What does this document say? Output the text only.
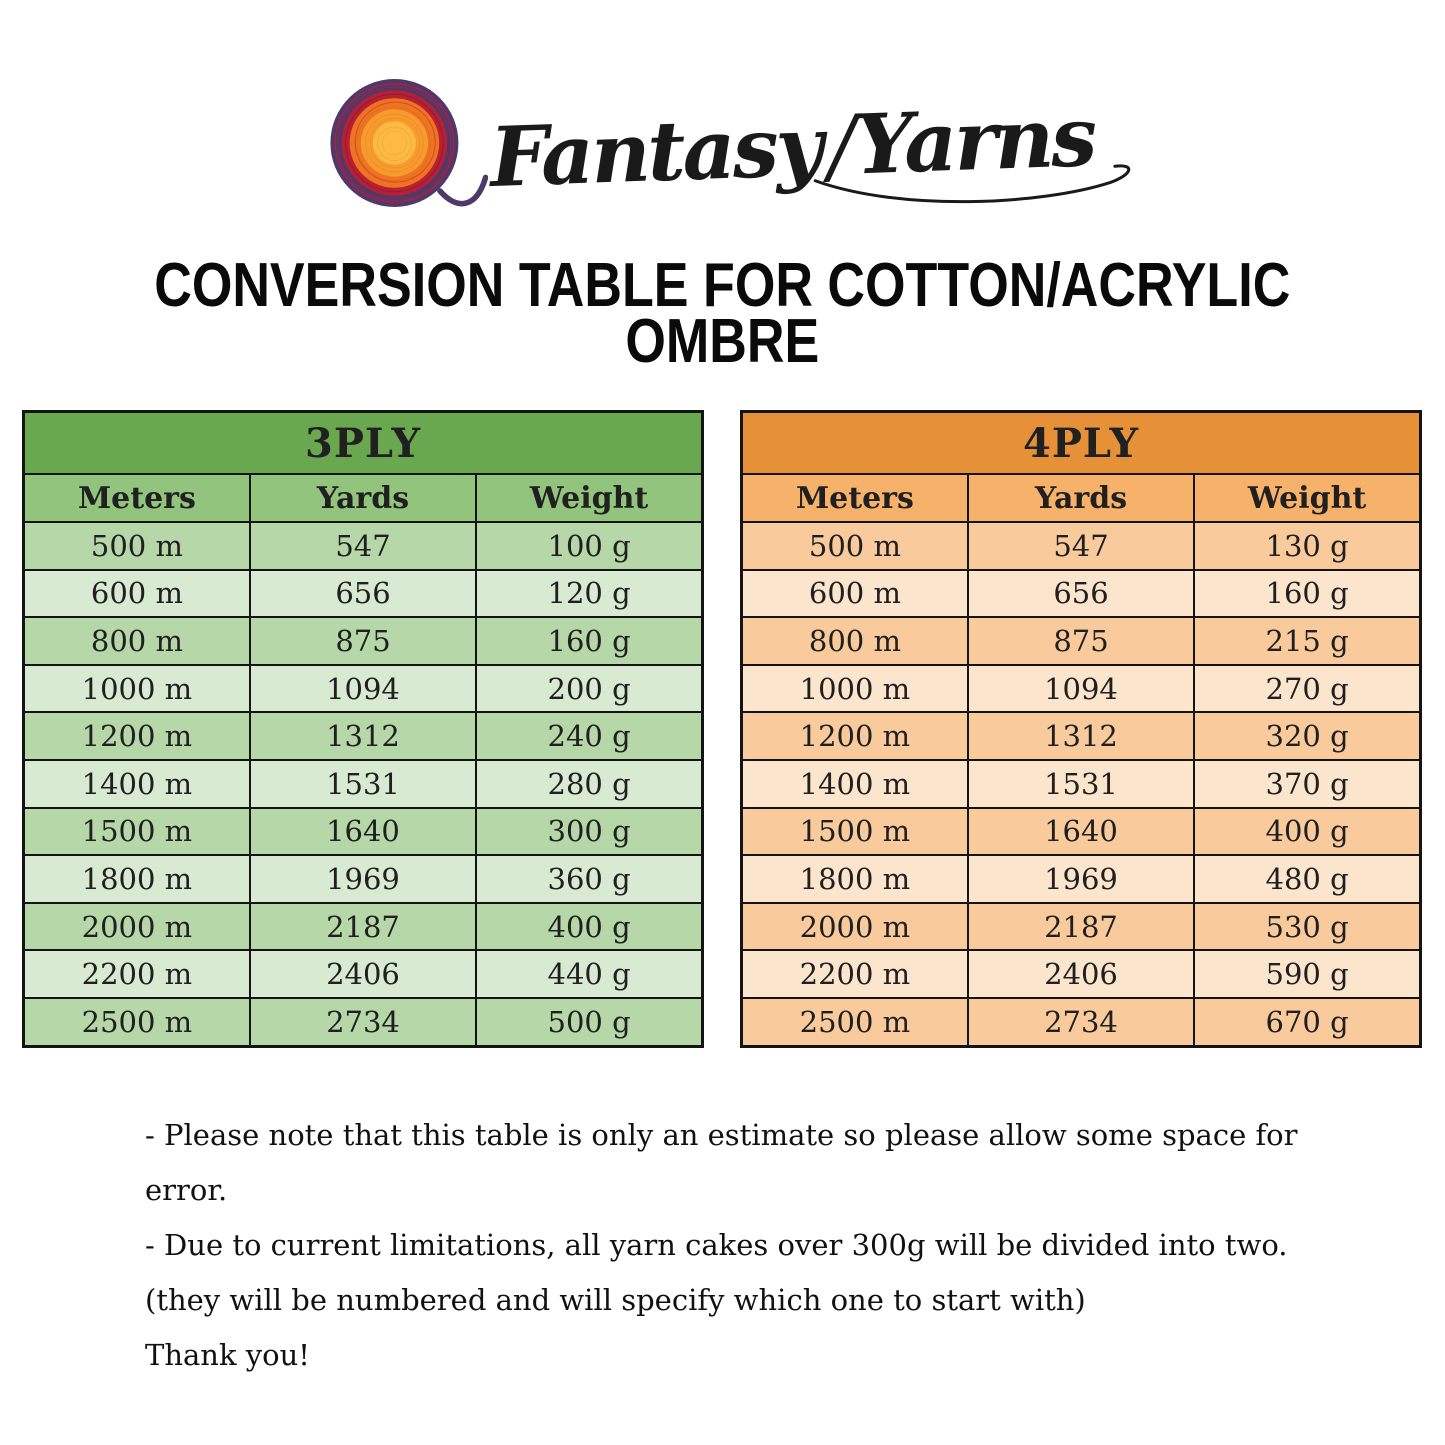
Fantasy/Yarns
CONVERSION TABLE FOR COTTON/ACRYLIC
OMBRE
3PLY		
Meters	Yards	Weight
500 m	547	100 g
600 m	656	120 g
800 m	875	160 g
1000 m	1094	200 g
1200 m	1312	240 g
1400 m	1531	280 g
1500 m	1640	300 g
1800 m	1969	360 g
2000 m	2187	400 g
2200 m	2406	440 g
2500 m	2734	500 g
4PLY		
Meters	Yards	Weight
500 m	547	130 g
600 m	656	160 g
800 m	875	215 g
1000 m	1094	270 g
1200 m	1312	320 g
1400 m	1531	370 g
1500 m	1640	400 g
1800 m	1969	480 g
2000 m	2187	530 g
2200 m	2406	590 g
2500 m	2734	670 g

- Please note that this table is only an estimate so please allow some space for error.

- Due to current limitations, all yarn cakes over 300g will be divided into two. (they will be numbered and will specify which one to start with)

Thank you!
